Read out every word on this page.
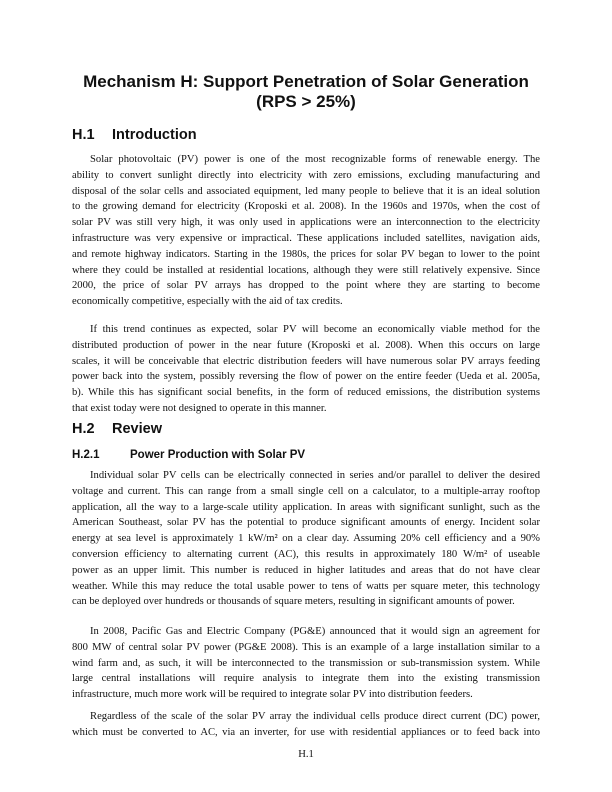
Mechanism H: Support Penetration of Solar Generation
(RPS > 25%)
H.1 Introduction
Solar photovoltaic (PV) power is one of the most recognizable forms of renewable energy. The
ability to convert sunlight directly into electricity with zero emissions, excluding manufacturing and
disposal of the solar cells and associated equipment, led many people to believe that it is an ideal solution
to the growing demand for electricity (Kroposki et al. 2008). In the 1960s and 1970s, when the cost of
solar PV was still very high, it was only used in applications were an interconnection to the electricity
infrastructure was very expensive or impractical. These applications included satellites, navigation aids,
and remote highway indicators. Starting in the 1980s, the prices for solar PV began to lower to the point
where they could be installed at residential locations, although they were still relatively expensive. Since
2000, the price of solar PV arrays has dropped to the point where they are starting to become
economically competitive, especially with the aid of tax credits.
If this trend continues as expected, solar PV will become an economically viable method for the
distributed production of power in the near future (Kroposki et al. 2008). When this occurs on large
scales, it will be conceivable that electric distribution feeders will have numerous solar PV arrays feeding
power back into the system, possibly reversing the flow of power on the entire feeder (Ueda et al. 2005a,
b). While this has significant social benefits, in the form of reduced emissions, the distribution systems
that exist today were not designed to operate in this manner.
H.2 Review
H.2.1	Power Production with Solar PV
Individual solar PV cells can be electrically connected in series and/or parallel to deliver the desired
voltage and current. This can range from a small single cell on a calculator, to a multiple-array rooftop
application, all the way to a large-scale utility application. In areas with significant sunlight, such as the
American Southeast, solar PV has the potential to produce significant amounts of energy. Incident solar
energy at sea level is approximately 1 kW/m² on a clear day. Assuming 20% cell efficiency and a 90%
conversion efficiency to alternating current (AC), this results in approximately 180 W/m² of useable
power as an upper limit. This number is reduced in higher latitudes and areas that do not have clear
weather. While this may reduce the total usable power to tens of watts per square meter, this technology
can be deployed over hundreds or thousands of square meters, resulting in significant amounts of power.
In 2008, Pacific Gas and Electric Company (PG&E) announced that it would sign an agreement for
800 MW of central solar PV power (PG&E 2008). This is an example of a large installation similar to a
wind farm and, as such, it will be interconnected to the transmission or sub-transmission system. While
large central installations will require analysis to integrate them into the existing transmission
infrastructure, much more work will be required to integrate solar PV into distribution feeders.
Regardless of the scale of the solar PV array the individual cells produce direct current (DC) power,
which must be converted to AC, via an inverter, for use with residential appliances or to feed back into
H.1
